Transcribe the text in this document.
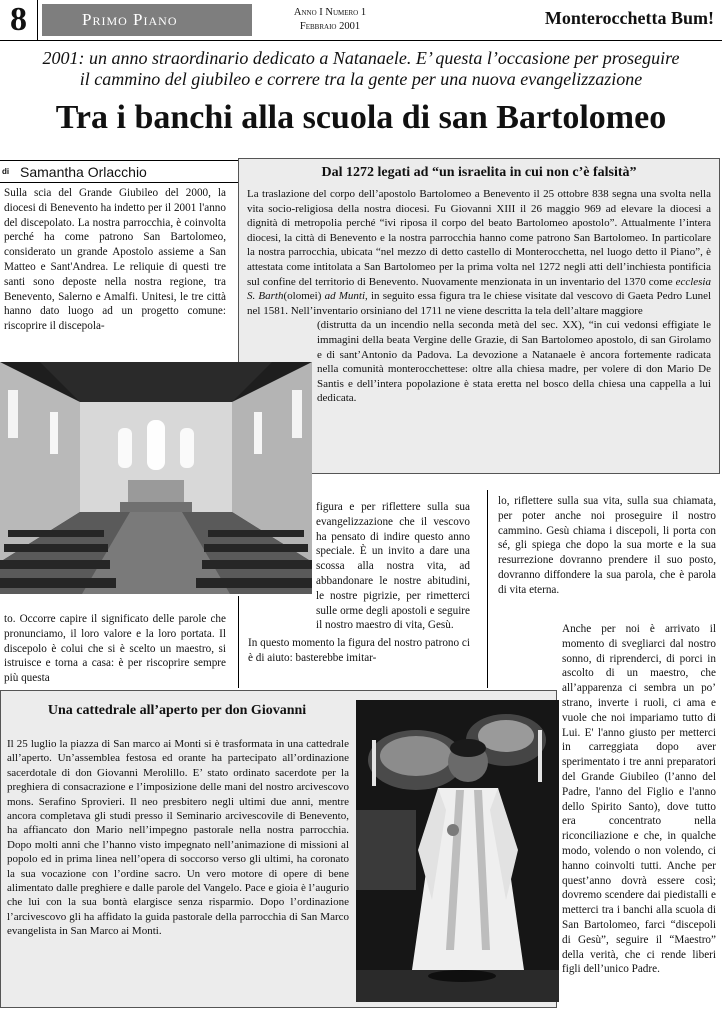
8	Primo Piano	Anno I Numero 1
Febbraio 2001	Monterocchetta Bum!
2001: un anno straordinario dedicato a Natanaele. E’ questa l’occasione per proseguire
il cammino del giubileo e correre tra la gente per una nuova evangelizzazione
Tra i banchi alla scuola di san Bartolomeo
di Samantha Orlacchio

Sulla scia del Grande Giubileo del 2000, la diocesi di Benevento ha indetto per il 2001 l'anno del discepolato. La nostra parrocchia, è coinvolta perché ha come patrono San Bartolomeo, considerato un grande Apostolo assieme a San Matteo e Sant'Andrea. Le reliquie di questi tre santi sono deposte nella nostra regione, tra Benevento, Salerno e Amalfi. Unitesi, le tre città hanno dato luogo ad un progetto comune: riscoprire il discepola-

Dal 1272 legati ad “un israelita in cui non c’è falsità”
La traslazione del corpo dell’apostolo Bartolomeo a Benevento il 25 ottobre 838 segna una svolta nella vita socio-religiosa della nostra diocesi. Fu Giovanni XIII il 26 maggio 969 ad elevare la diocesi a dignità di metropolia perché “ivi riposa il corpo del beato Bartolomeo apostolo”. Attualmente l’intera diocesi, la città di Benevento e la nostra parrocchia hanno come patrono San Bartolomeo. In particolare la nostra parrocchia, ubicata “nel mezzo di detto castello di Monterocchetta, nel luogo detto il Piano”, è attestata come intitolata a San Bartolomeo per la prima volta nel 1272 negli atti dell’inchiesta pontificia sul confine del territorio di Benevento. Nuovamente menzionata in un inventario del 1370 come ecclesia S. Barth(olomei) ad Munti, in seguito essa figura tra le chiese visitate dal vescovo di Gaeta Pedro Lunel nel 1581. Nell’inventario orsiniano del 1711 ne viene descritta la tela dell’altare maggiore
(distrutta da un incendio nella seconda metà del sec. XX), “in cui vedonsi effigiate le immagini della beata Vergine delle Grazie, di San Bartolomeo apostolo, di san Girolamo e di sant’Antonio da Padova. La devozione a Natanaele è ancora fortemente radicata nella comunità monterocchettese: oltre alla chiesa madre, per volere di don Mario De Santis e dell’intera popolazione è stata eretta nel bosco della chiesa una cappella a lui dedicata.

to. Occorre capire il significato delle parole che pronunciamo, il loro valore e la loro portata. Il discepolo è colui che si è scelto un maestro, si istruisce e torna a casa: è per riscoprire sempre più questa

figura e per riflettere sulla sua evangelizzazione che il vescovo ha pensato di indire questo anno speciale. È un invito a dare una scossa alla nostra vita, ad abbandonare le nostre abitudini, le nostre pigrizie, per rimetterci sulle orme degli apostoli e seguire il nostro maestro di vita, Gesù.

In questo momento la figura del nostro patrono ci è di aiuto: basterebbe imitar-

lo, riflettere sulla sua vita, sulla sua chiamata, per poter anche noi proseguire il nostro cammino. Gesù chiama i discepoli, li porta con sé, gli spiega che dopo la sua morte e la sua resurrezione dovranno prendere il suo posto, dovranno diffondere la sua parola, che è parola di vita eterna.

Anche per noi è arrivato il momento di svegliarci dal nostro sonno, di riprenderci, di porci in ascolto di un maestro, che all’apparenza ci sembra un po’ strano, inverte i ruoli, ci ama e vuole che noi impariamo tutto di Lui. E' l'anno giusto per metterci in carreggiata dopo aver sperimentato i tre anni preparatori del Grande Giubileo (l’anno del Padre, l'anno del Figlio e l'anno dello Spirito Santo), dove tutto era concentrato nella riconciliazione e che, in qualche modo, volendo o non volendo, ci hanno coinvolti tutti. Anche per quest’anno dovrà essere così; dovremo scendere dai piedistalli e metterci tra i banchi alla scuola di San Bartolomeo, farci “discepoli di Gesù”, seguire il “Maestro” della verità, che ci rende liberi figli dell’unico Padre.

Una cattedrale all’aperto per don Giovanni

Il 25 luglio la piazza di San marco ai Monti si è trasformata in una cattedrale all’aperto. Un’assemblea festosa ed orante ha partecipato all’ordinazione sacerdotale di don Giovanni Merolillo. E’ stato ordinato sacerdote per la preghiera di consacrazione e l’imposizione delle mani del nostro arcivescovo mons. Serafino Sprovieri. Il neo presbitero negli ultimi due anni, mentre ancora completava gli studi presso il Seminario arcivescovile di Benevento, ha affiancato don Mario nell’impegno pastorale nella nostra parrocchia. Dopo molti anni che l’hanno visto impegnato nell’animazione di missioni al popolo ed in prima linea nell’opera di soccorso verso gli ultimi, ha coronato la sua vocazione con l’ordine sacro. Un vero motore di opere di bene alimentato dalle preghiere e dalle parole del Vangelo. Pace e gioia è l’augurio che lui con la sua bontà elargisce senza risparmio. Dopo l’ordinazione l’arcivescovo gli ha affidato la guida pastorale della parrocchia di San Marco evangelista in San Marco ai Monti.
